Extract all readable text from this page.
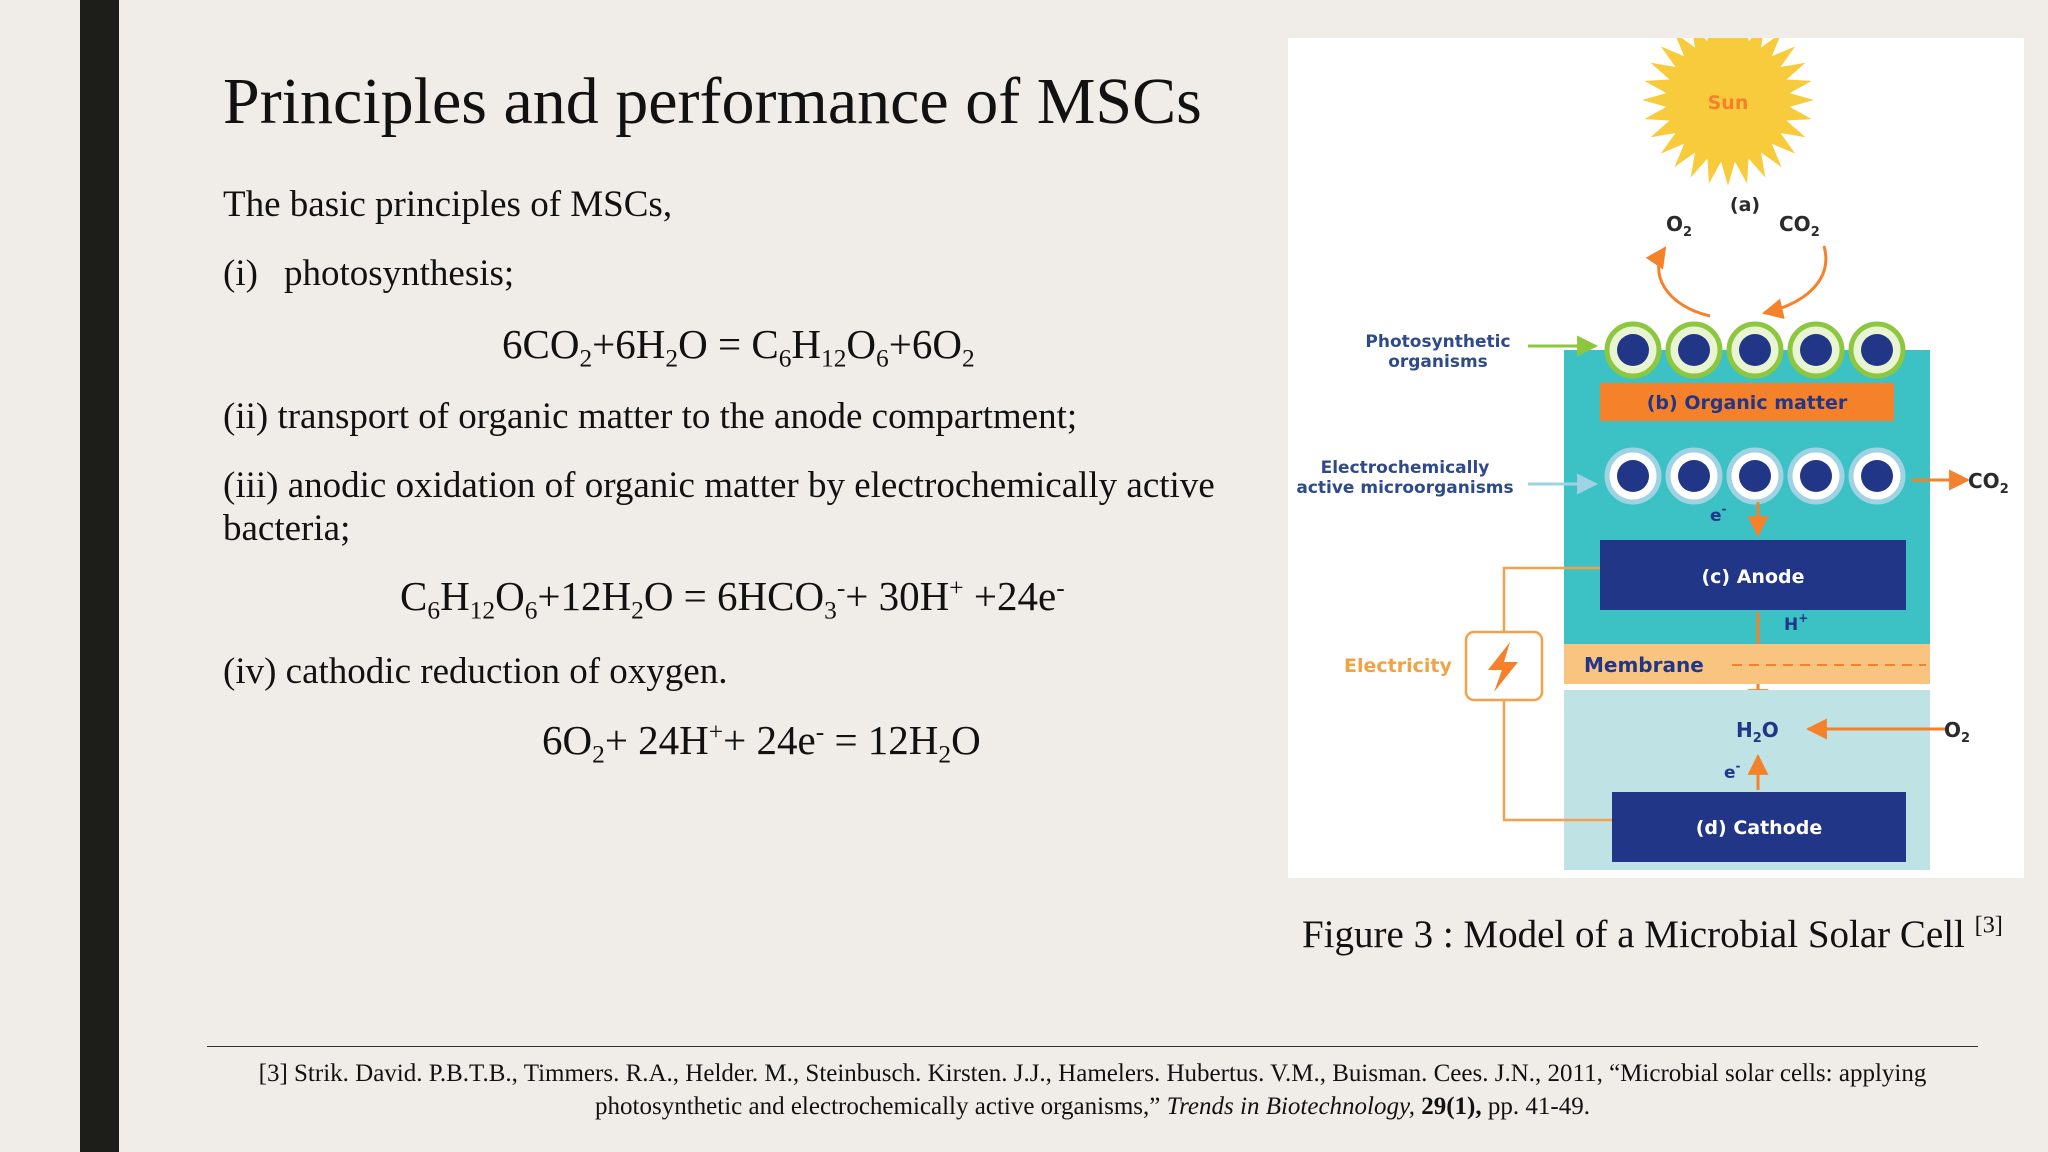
Principles and performance of MSCs
The basic principles of MSCs,
(i) photosynthesis;
$6CO_2+6H_2O = C_6H_{12}O_6+6O_2$
(ii) transport of organic matter to the anode compartment;
(iii) anodic oxidation of organic matter by electrochemically active
bacteria;
$C_6H_{12}O_6+12H_2O = 6HCO_3^-+ 30H^+ +24e^-$
(iv) cathodic reduction of oxygen.
$6O_2+ 24H^++ 24e^- = 12H_2O$
Sun
(a)
$O_2$	$CO_2$
Photosynthetic
organisms
(b) Organic matter
Electrochemically
active microorganisms	$CO_2$
e-
(c) Anode
H+
Membrane
$H_2O$	$O_2$
e-
(d) Cathode
Electricity
Figure 3 : Model of a Microbial Solar Cell [3]
[3] Strik. David. P.B.T.B., Timmers. R.A., Helder. M., Steinbusch. Kirsten. J.J., Hamelers. Hubertus. V.M., Buisman. Cees. J.N., 2011, “Microbial solar cells: applying
photosynthetic and electrochemically active organisms,” Trends in Biotechnology, 29(1), pp. 41-49.
